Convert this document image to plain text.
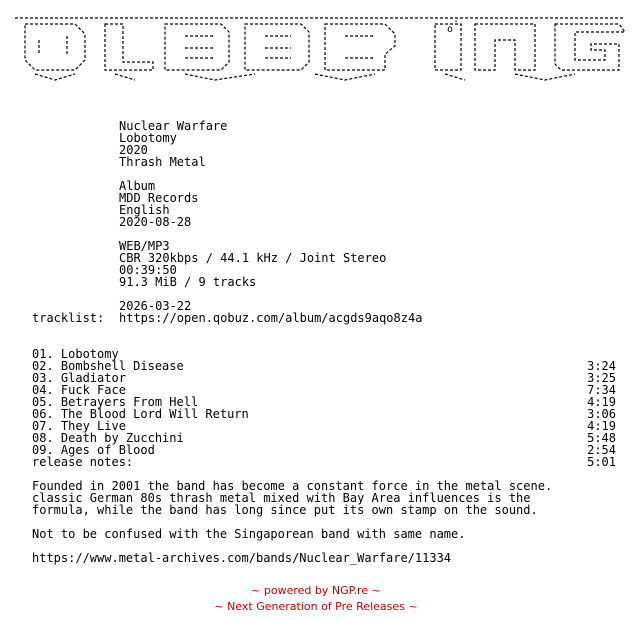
.
o

Nuclear Warfare

Lobotomy

2020

Thrash Metal

Album

MDD Records

English

2020-08-28

WEB/MP3

CBR 320kbps / 44.1 kHz / Joint Stereo

00:39:50

91.3 MiB / 9 tracks

2026-03-22

https://open.qobuz.com/album/acgds9aqo8z4a

tracklist:

01. Lobotomy

3:24

02. Bombshell Disease

3:25

03. Gladiator

7:34

04. Fuck Face

4:19

05. Betrayers From Hell

3:06

06. The Blood Lord Will Return

4:19

07. They Live

5:48

08. Death by Zucchini

2:54

09. Ages of Blood

5:01

release notes:
Founded in 2001 the band has become a constant force in the metal scene.
classic German 80s thrash metal mixed with Bay Area influences is the
formula, while the band has long since put its own stamp on the sound.
Not to be confused with the Singaporean band with same name.
https://www.metal-archives.com/bands/Nuclear_Warfare/11334
~ powered by NGP.re ~
~ Next Generation of Pre Releases ~
